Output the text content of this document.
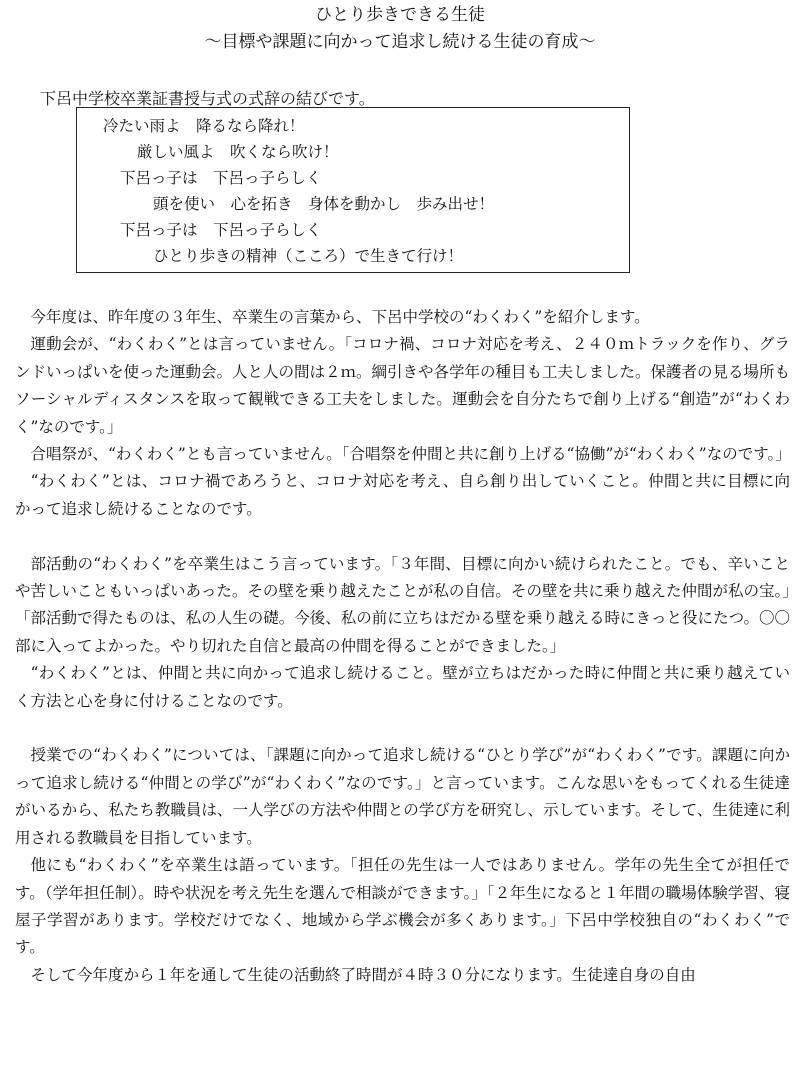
ひとり歩きできる生徒
～目標や課題に向かって追求し続ける生徒の育成～
下呂中学校卒業証書授与式の式辞の結びです。
冷たい雨よ　降るなら降れ！
厳しい風よ　吹くなら吹け！
下呂っ子は　下呂っ子らしく
頭を使い　心を拓き　身体を動かし　歩み出せ！
下呂っ子は　下呂っ子らしく
ひとり歩きの精神（こころ）で生きて行け！

今年度は、昨年度の３年生、卒業生の言葉から、下呂中学校の“わくわく”を紹介します。

運動会が、“わくわく”とは言っていません。「コロナ禍、コロナ対応を考え、２４０ｍトラックを作り、グランドいっぱいを使った運動会。人と人の間は２ｍ。綱引きや各学年の種目も工夫しました。保護者の見る場所もソーシャルディスタンスを取って観戦できる工夫をしました。運動会を自分たちで創り上げる“創造”が“わくわく”なのです。」

合唱祭が、“わくわく”とも言っていません。「合唱祭を仲間と共に創り上げる“協働”が“わくわく”なのです。」

“わくわく”とは、コロナ禍であろうと、コロナ対応を考え、自ら創り出していくこと。仲間と共に目標に向かって追求し続けることなのです。

部活動の“わくわく”を卒業生はこう言っています。「３年間、目標に向かい続けられたこと。でも、辛いことや苦しいこともいっぱいあった。その壁を乗り越えたことが私の自信。その壁を共に乗り越えた仲間が私の宝。」「部活動で得たものは、私の人生の礎。今後、私の前に立ちはだかる壁を乗り越える時にきっと役にたつ。〇〇部に入ってよかった。やり切れた自信と最高の仲間を得ることができました。」

“わくわく”とは、仲間と共に向かって追求し続けること。壁が立ちはだかった時に仲間と共に乗り越えていく方法と心を身に付けることなのです。

授業での“わくわく”については、「課題に向かって追求し続ける“ひとり学び”が“わくわく”です。課題に向かって追求し続ける“仲間との学び”が“わくわく”なのです。」と言っています。こんな思いをもってくれる生徒達がいるから、私たち教職員は、一人学びの方法や仲間との学び方を研究し、示しています。そして、生徒達に利用される教職員を目指しています。

他にも“わくわく”を卒業生は語っています。「担任の先生は一人ではありません。学年の先生全てが担任です。（学年担任制）。時や状況を考え先生を選んで相談ができます。」「２年生になると１年間の職場体験学習、寝屋子学習があります。学校だけでなく、地域から学ぶ機会が多くあります。」下呂中学校独自の“わくわく”です。

そして今年度から１年を通して生徒の活動終了時間が４時３０分になります。生徒達自身の自由
